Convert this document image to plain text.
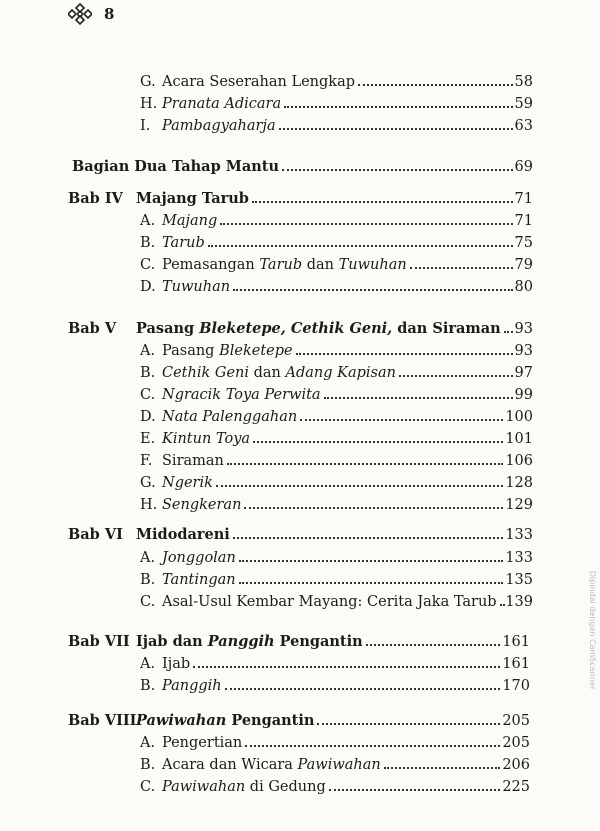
8
G. Acara Seserahan Lengkap	58
H. Pranata Adicara	59
I. Pambagyaharja	63
Bagian Dua Tahap Mantu	69
Bab IV Majang Tarub	71
A. Majang	71
B. Tarub	75
C. Pemasangan Tarub dan Tuwuhan	79
D. Tuwuhan	80
Bab V	Pasang Bleketepe, Cethik Geni, dan Siraman 93
A. Pasang Bleketepe	93
B. Cethik Geni dan Adang Kapisan	97
C. Ngracik Toya Perwita	99
D. Nata Palenggahan	100
E. Kintun Toya	101
F. Siraman	106
G. Ngerik	128
H. Sengkeran	129
Bab VI Midodareni	133
A. Jonggolan	133
B. Tantingan	135
C. Asal-Usul Kembar Mayang: Cerita Jaka Tarub 139
Bab VII Ijab dan Panggih Pengantin	161
A. Ijab	161
B. Panggih	170
Bab VIII Pawiwahan Pengantin	205
A. Pengertian	205
B. Acara dan Wicara Pawiwahan	206
C. Pawiwahan di Gedung	225
Dipindai dengan CamScanner
